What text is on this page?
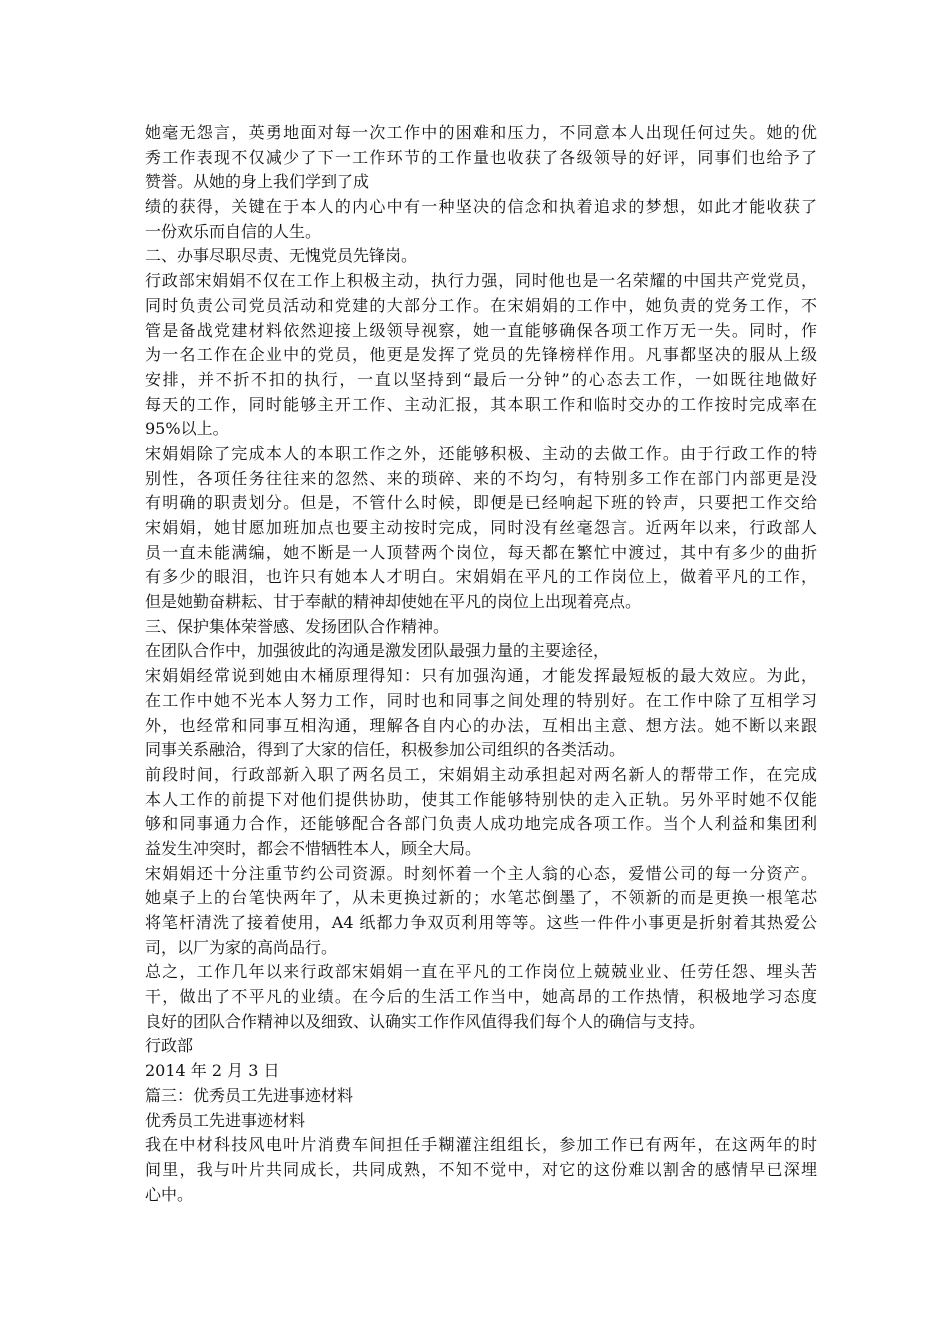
她毫无怨言，英勇地面对每一次工作中的困难和压力，不同意本人出现任何过失。她的优
秀工作表现不仅减少了下一工作环节的工作量也收获了各级领导的好评，同事们也给予了
赞誉。从她的身上我们学到了成
绩的获得，关键在于本人的内心中有一种坚决的信念和执着追求的梦想，如此才能收获了
一份欢乐而自信的人生。
二、办事尽职尽责、无愧党员先锋岗。
行政部宋娟娟不仅在工作上积极主动，执行力强，同时他也是一名荣耀的中国共产党党员，
同时负责公司党员活动和党建的大部分工作。在宋娟娟的工作中，她负责的党务工作，不
管是备战党建材料依然迎接上级领导视察，她一直能够确保各项工作万无一失。同时，作
为一名工作在企业中的党员，他更是发挥了党员的先锋榜样作用。凡事都坚决的服从上级
安排，并不折不扣的执行，一直以坚持到“最后一分钟”的心态去工作，一如既往地做好
每天的工作，同时能够主开工作、主动汇报，其本职工作和临时交办的工作按时完成率在
95%以上。
宋娟娟除了完成本人的本职工作之外，还能够积极、主动的去做工作。由于行政工作的特
别性，各项任务往往来的忽然、来的琐碎、来的不均匀，有特别多工作在部门内部更是没
有明确的职责划分。但是，不管什么时候，即便是已经响起下班的铃声，只要把工作交给
宋娟娟，她甘愿加班加点也要主动按时完成，同时没有丝毫怨言。近两年以来，行政部人
员一直未能满编，她不断是一人顶替两个岗位，每天都在繁忙中渡过，其中有多少的曲折
有多少的眼泪，也许只有她本人才明白。宋娟娟在平凡的工作岗位上，做着平凡的工作，
但是她勤奋耕耘、甘于奉献的精神却使她在平凡的岗位上出现着亮点。
三、保护集体荣誉感、发扬团队合作精神。
在团队合作中，加强彼此的沟通是激发团队最强力量的主要途径，
宋娟娟经常说到她由木桶原理得知：只有加强沟通，才能发挥最短板的最大效应。为此，
在工作中她不光本人努力工作，同时也和同事之间处理的特别好。在工作中除了互相学习
外，也经常和同事互相沟通，理解各自内心的办法，互相出主意、想方法。她不断以来跟
同事关系融洽，得到了大家的信任，积极参加公司组织的各类活动。
前段时间，行政部新入职了两名员工，宋娟娟主动承担起对两名新人的帮带工作，在完成
本人工作的前提下对他们提供协助，使其工作能够特别快的走入正轨。另外平时她不仅能
够和同事通力合作，还能够配合各部门负责人成功地完成各项工作。当个人利益和集团利
益发生冲突时，都会不惜牺牲本人，顾全大局。
宋娟娟还十分注重节约公司资源。时刻怀着一个主人翁的心态，爱惜公司的每一分资产。
她桌子上的台笔快两年了，从未更换过新的；水笔芯倒墨了，不领新的而是更换一根笔芯
将笔杆清洗了接着使用，A4 纸都力争双页利用等等。这些一件件小事更是折射着其热爱公
司，以厂为家的高尚品行。
总之，工作几年以来行政部宋娟娟一直在平凡的工作岗位上兢兢业业、任劳任怨、埋头苦
干，做出了不平凡的业绩。在今后的生活工作当中，她高昂的工作热情，积极地学习态度
良好的团队合作精神以及细致、认确实工作作风值得我们每个人的确信与支持。
行政部
2014 年 2 月 3 日
篇三：优秀员工先进事迹材料
优秀员工先进事迹材料
我在中材科技风电叶片消费车间担任手糊灌注组组长，参加工作已有两年，在这两年的时
间里，我与叶片共同成长，共同成熟，不知不觉中，对它的这份难以割舍的感情早已深埋
心中。
